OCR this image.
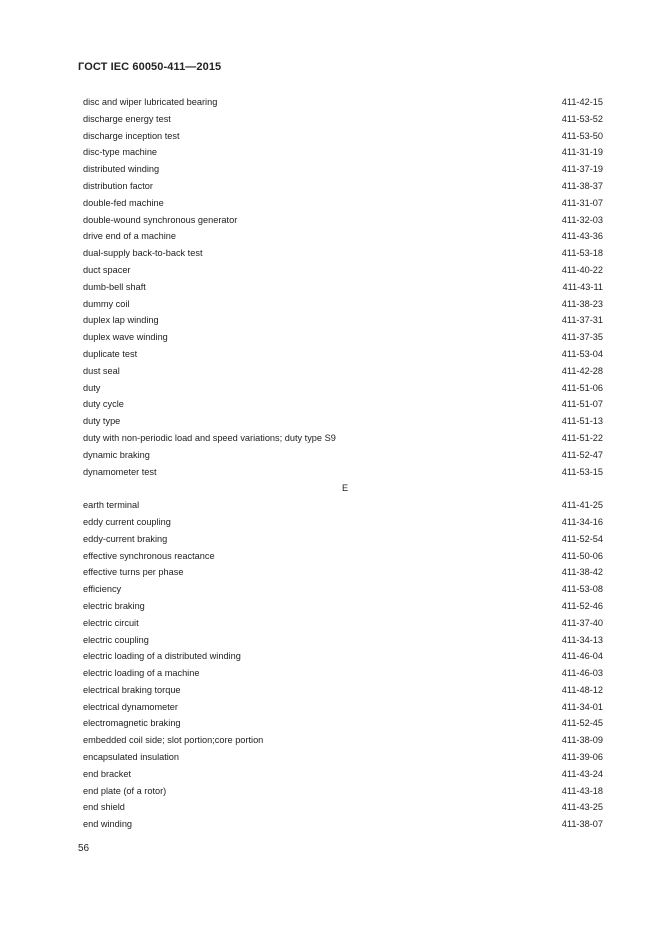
ГОСТ IEC 60050-411—2015
disc and wiper lubricated bearing	411-42-15
discharge energy test	411-53-52
discharge inception test	411-53-50
disc-type machine	411-31-19
distributed winding	411-37-19
distribution factor	411-38-37
double-fed machine	411-31-07
double-wound synchronous generator	411-32-03
drive end of a machine	411-43-36
dual-supply back-to-back test	411-53-18
duct spacer	411-40-22
dumb-bell shaft	411-43-11
dummy coil	411-38-23
duplex lap winding	411-37-31
duplex wave winding	411-37-35
duplicate test	411-53-04
dust seal	411-42-28
duty	411-51-06
duty cycle	411-51-07
duty type	411-51-13
duty with non-periodic load and speed variations; duty type S9	411-51-22
dynamic braking	411-52-47
dynamometer test	411-53-15
E
earth terminal	411-41-25
eddy current coupling	411-34-16
eddy-current braking	411-52-54
effective synchronous reactance	411-50-06
effective turns per phase	411-38-42
efficiency	411-53-08
electric braking	411-52-46
electric circuit	411-37-40
electric coupling	411-34-13
electric loading of a distributed winding	411-46-04
electric loading of a machine	411-46-03
electrical braking torque	411-48-12
electrical dynamometer	411-34-01
electromagnetic braking	411-52-45
embedded coil side; slot portion;core portion	411-38-09
encapsulated insulation	411-39-06
end bracket	411-43-24
end plate (of a rotor)	411-43-18
end shield	411-43-25
end winding	411-38-07
56
